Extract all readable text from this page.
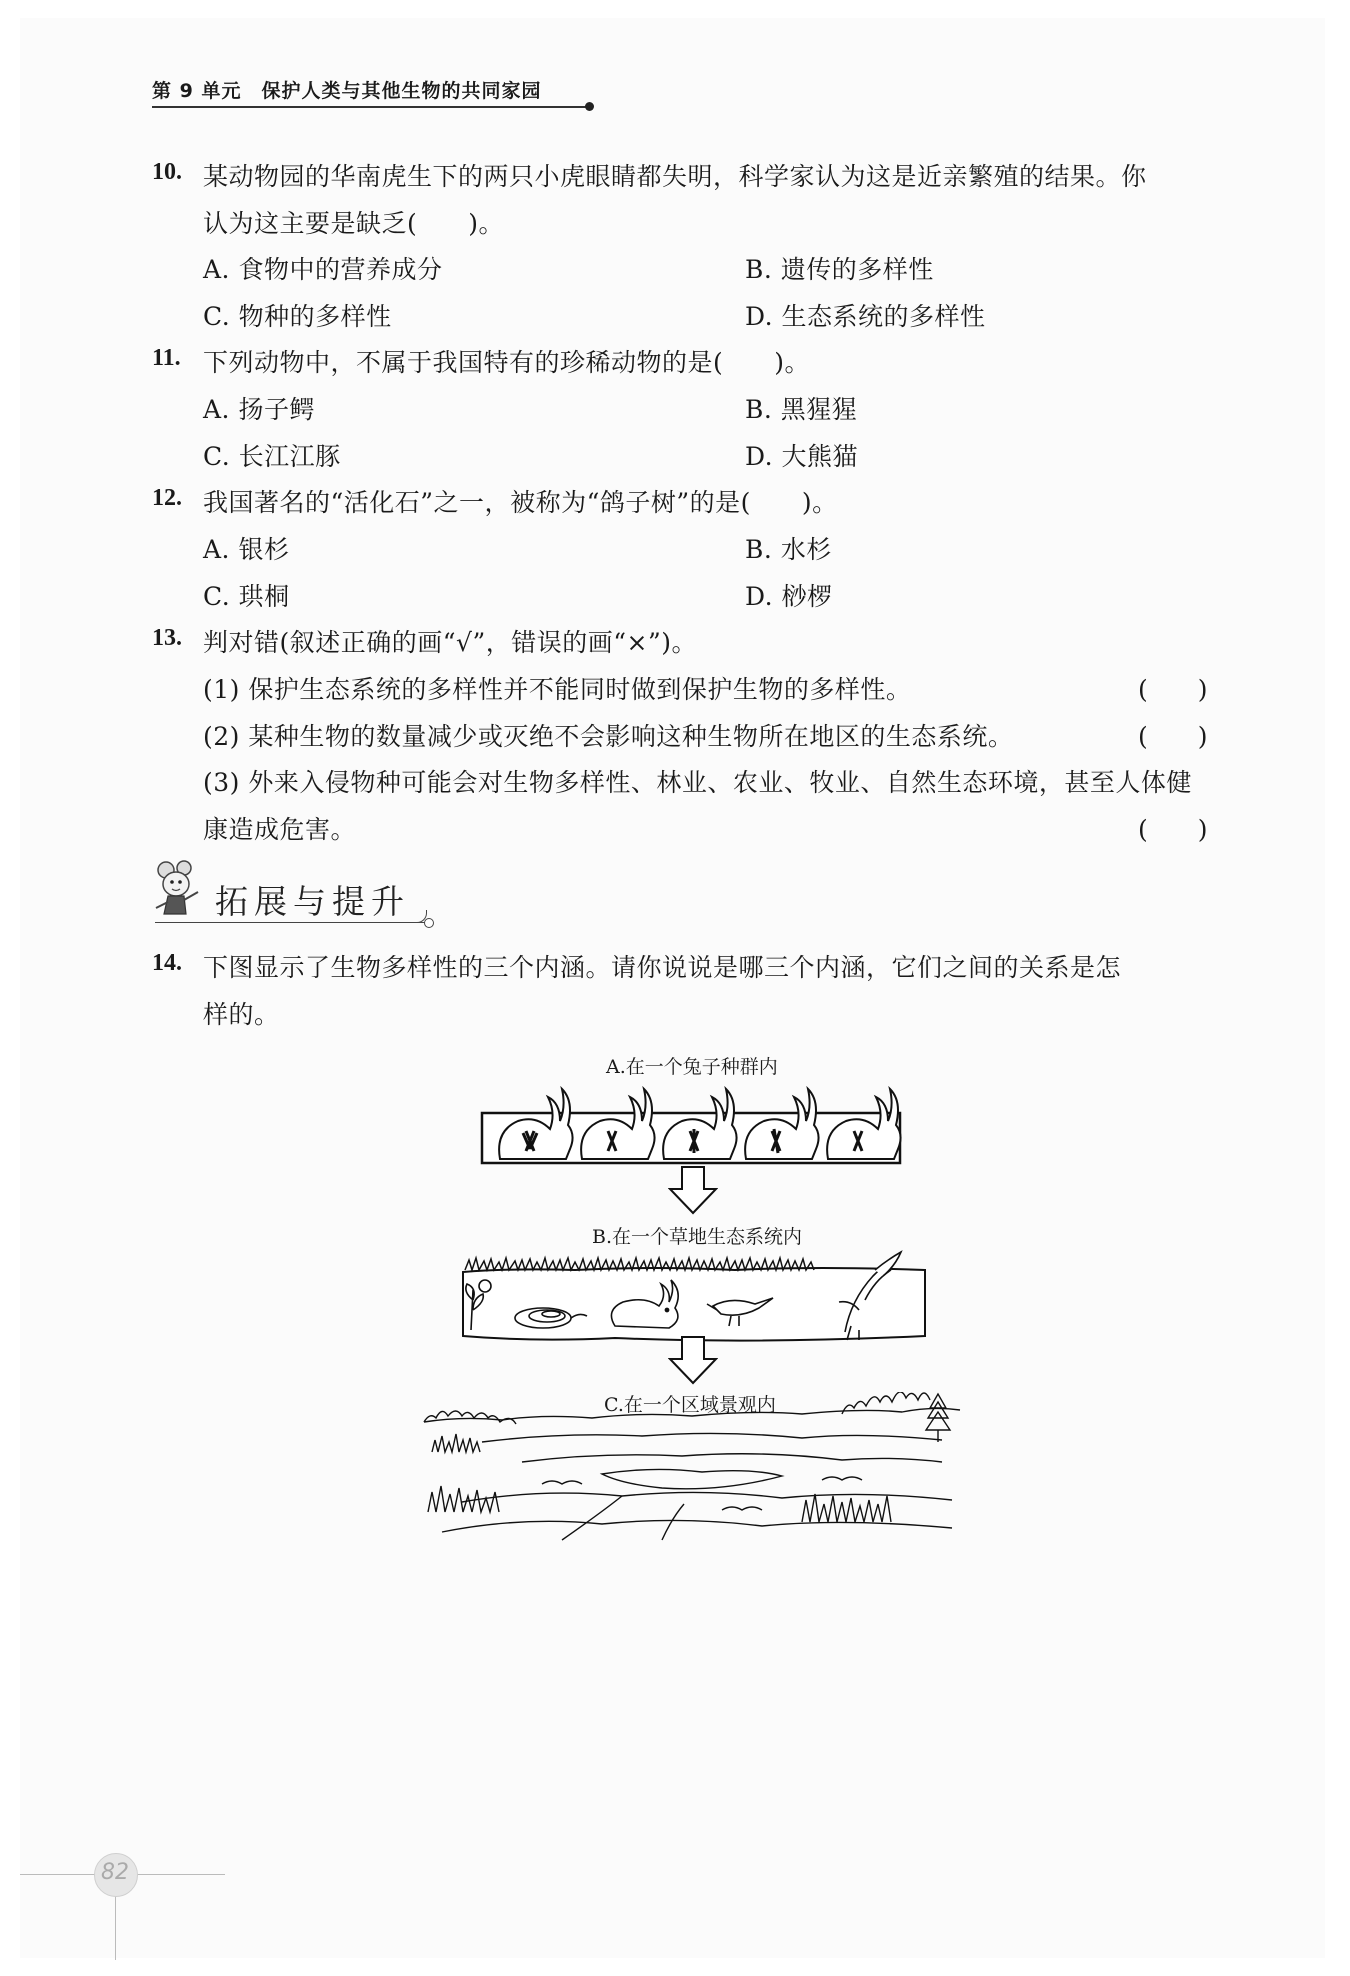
第 9 单元 保护人类与其他生物的共同家园
10. 某动物园的华南虎生下的两只小虎眼睛都失明，科学家认为这是近亲繁殖的结果。你
认为这主要是缺乏(　　)。
A. 食物中的营养成分	B. 遗传的多样性
C. 物种的多样性	D. 生态系统的多样性
11. 下列动物中，不属于我国特有的珍稀动物的是(　　)。
A. 扬子鳄	B. 黑猩猩
C. 长江江豚	D. 大熊猫
12. 我国著名的“活化石”之一，被称为“鸽子树”的是(　　)。
A. 银杉	B. 水杉
C. 珙桐	D. 桫椤
13. 判对错(叙述正确的画“√”，错误的画“×”)。
(1) 保护生态系统的多样性并不能同时做到保护生物的多样性。	(　　)
(2) 某种生物的数量减少或灭绝不会影响这种生物所在地区的生态系统。	(　　)
(3) 外来入侵物种可能会对生物多样性、林业、农业、牧业、自然生态环境，甚至人体健
康造成危害。	(　　)
拓展与提升
14. 下图显示了生物多样性的三个内涵。请你说说是哪三个内涵，它们之间的关系是怎
样的。
A.在一个兔子种群内
B.在一个草地生态系统内
C.在一个区域景观内
82
